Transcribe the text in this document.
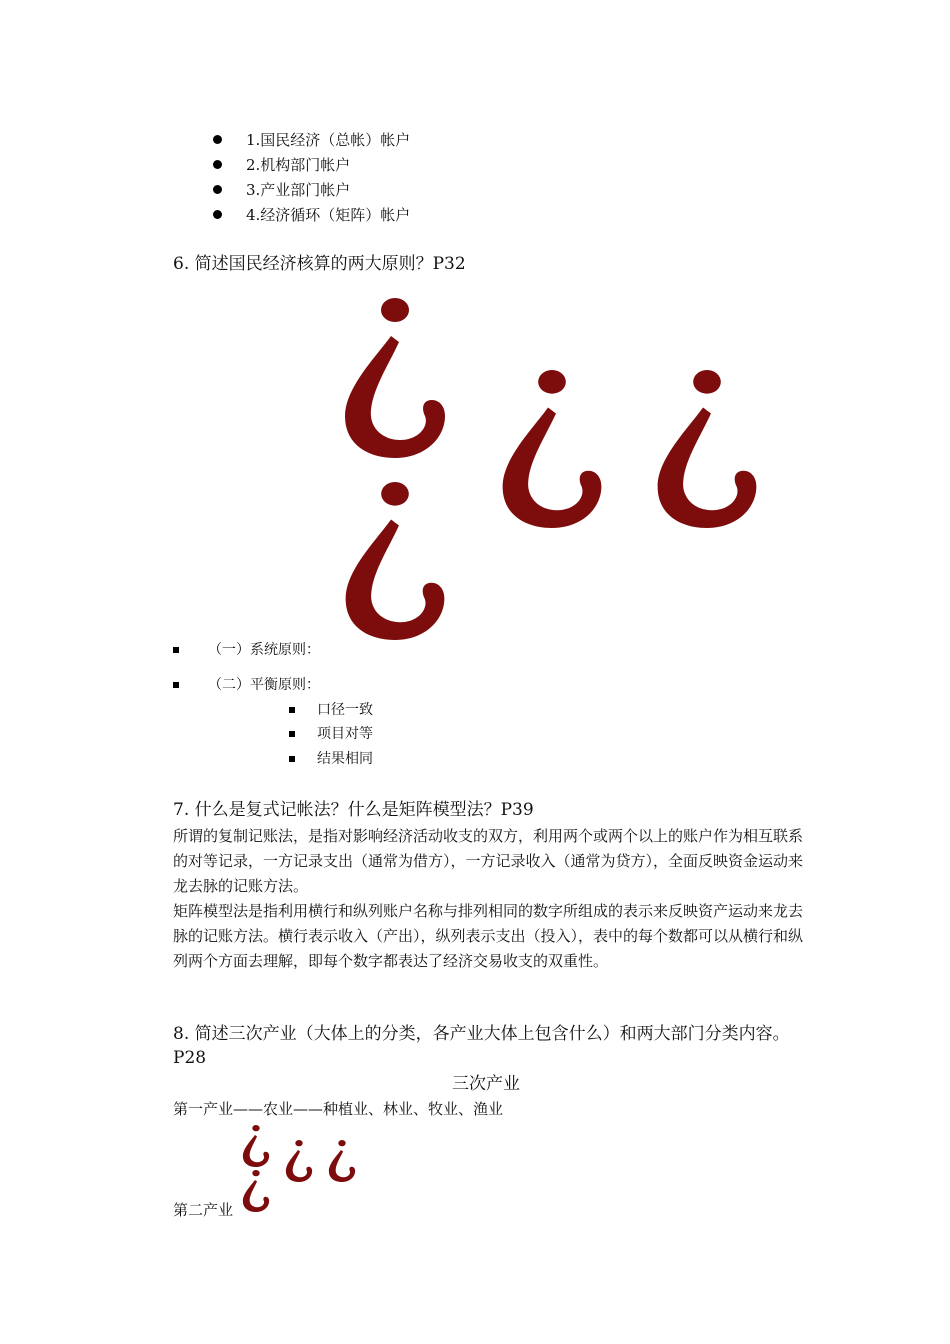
1.国民经济（总帐）帐户
2.机构部门帐户
3.产业部门帐户
4.经济循环（矩阵）帐户
6. 简述国民经济核算的两大原则？P32
（一）系统原则：
（二）平衡原则：
口径一致
项目对等
结果相同
7. 什么是复式记帐法？什么是矩阵模型法？P39
所谓的复制记账法，是指对影响经济活动收支的双方，利用两个或两个以上的账户作为相互联系的对等记录，一方记录支出（通常为借方），一方记录收入（通常为贷方），全面反映资金运动来龙去脉的记账方法。
矩阵模型法是指利用横行和纵列账户名称与排列相同的数字所组成的表示来反映资产运动来龙去脉的记账方法。横行表示收入（产出），纵列表示支出（投入），表中的每个数都可以从横行和纵列两个方面去理解，即每个数字都表达了经济交易收支的双重性。
8. 简述三次产业（大体上的分类，各产业大体上包含什么）和两大部门分类内容。P28
三次产业
第一产业——农业——种植业、林业、牧业、渔业
第二产业
